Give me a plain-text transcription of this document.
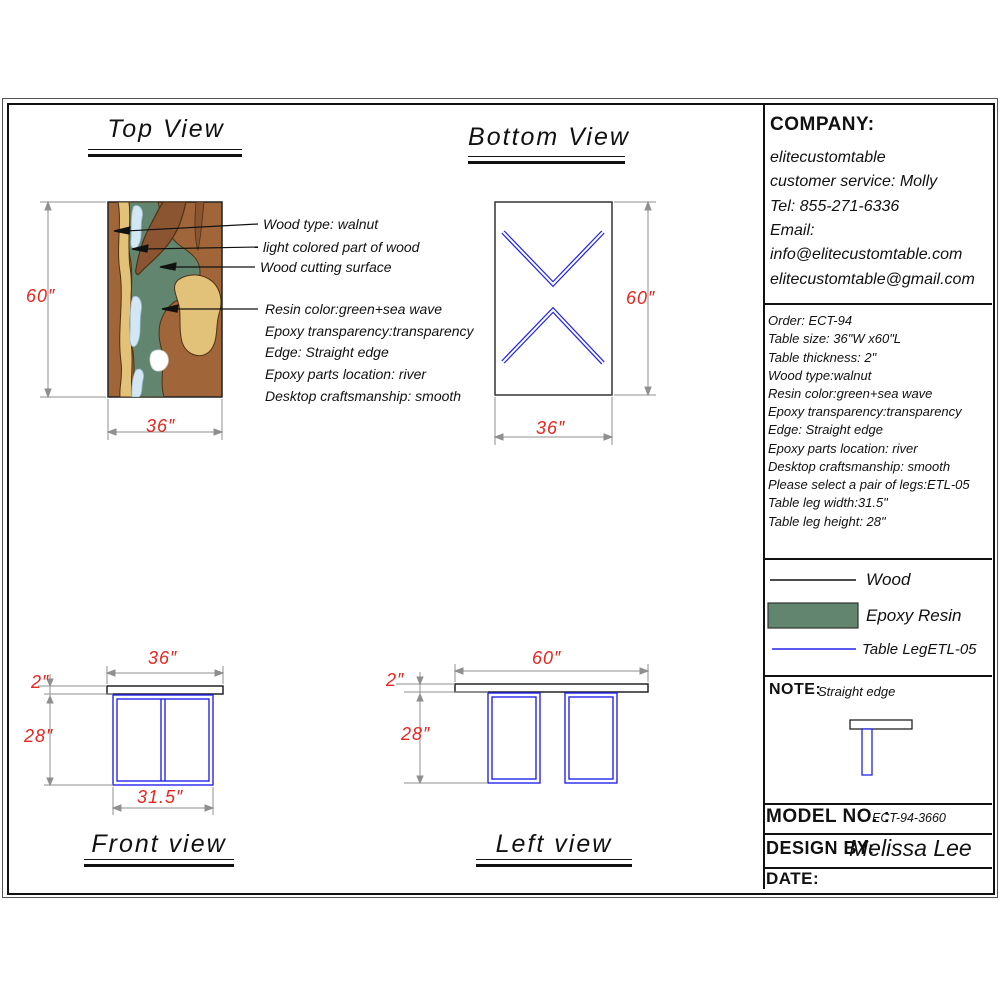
Top View	Bottom View
Front view	Left view
60″
36″
60″
36″
36″
2″
28″
31.5″
60″
2″
28″
Wood type: walnut
light colored part of wood
Wood cutting surface
Resin color:green+sea wave
Epoxy transparency:transparency
Edge: Straight edge
Epoxy parts location: river
Desktop craftsmanship: smooth
COMPANY:
elitecustomtable
customer service: Molly
Tel: 855-271-6336
Email:
info@elitecustomtable.com
elitecustomtable@gmail.com
Order: ECT-94
Table size: 36"W x60"L
Table thickness: 2"
Wood type:walnut
Resin color:green+sea wave
Epoxy transparency:transparency
Edge: Straight edge
Epoxy parts location: river
Desktop craftsmanship: smooth
Please select a pair of legs:ETL-05
Table leg width:31.5"
Table leg height: 28"
Wood
Epoxy Resin
Table LegETL-05
NOTE:
Straight edge
MODEL NO. :
ECT-94-3660
DESIGN BY:
Melissa Lee
DATE:
